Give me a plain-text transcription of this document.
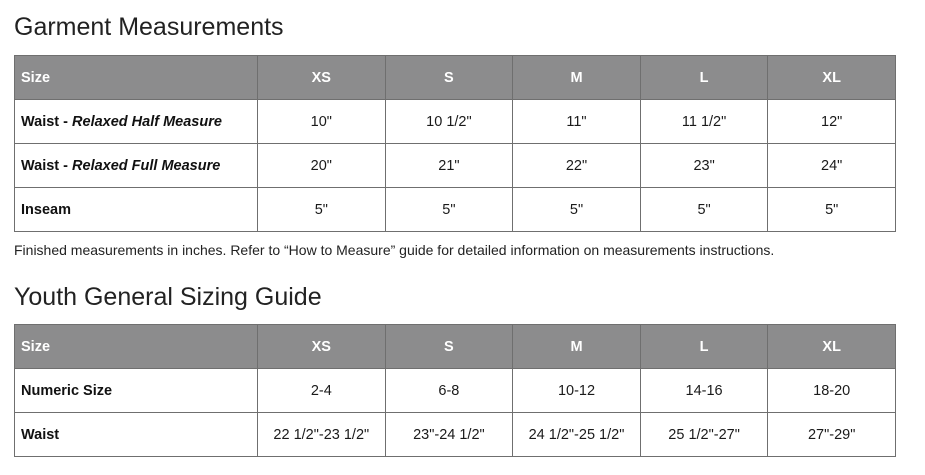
Garment Measurements
Size	XS	S	M	L	XL
Waist - Relaxed Half Measure	10"	10 1/2"	11"	11 1/2"	12"
Waist - Relaxed Full Measure	20"	21"	22"	23"	24"
Inseam	5"	5"	5"	5"	5"
Finished measurements in inches. Refer to “How to Measure” guide for detailed information on measurements instructions.
Youth General Sizing Guide
Size	XS	S	M	L	XL
Numeric Size	2-4	6-8	10-12	14-16	18-20
Waist	22 1/2"-23 1/2"	23"-24 1/2"	24 1/2"-25 1/2"	25 1/2"-27"	27"-29"
